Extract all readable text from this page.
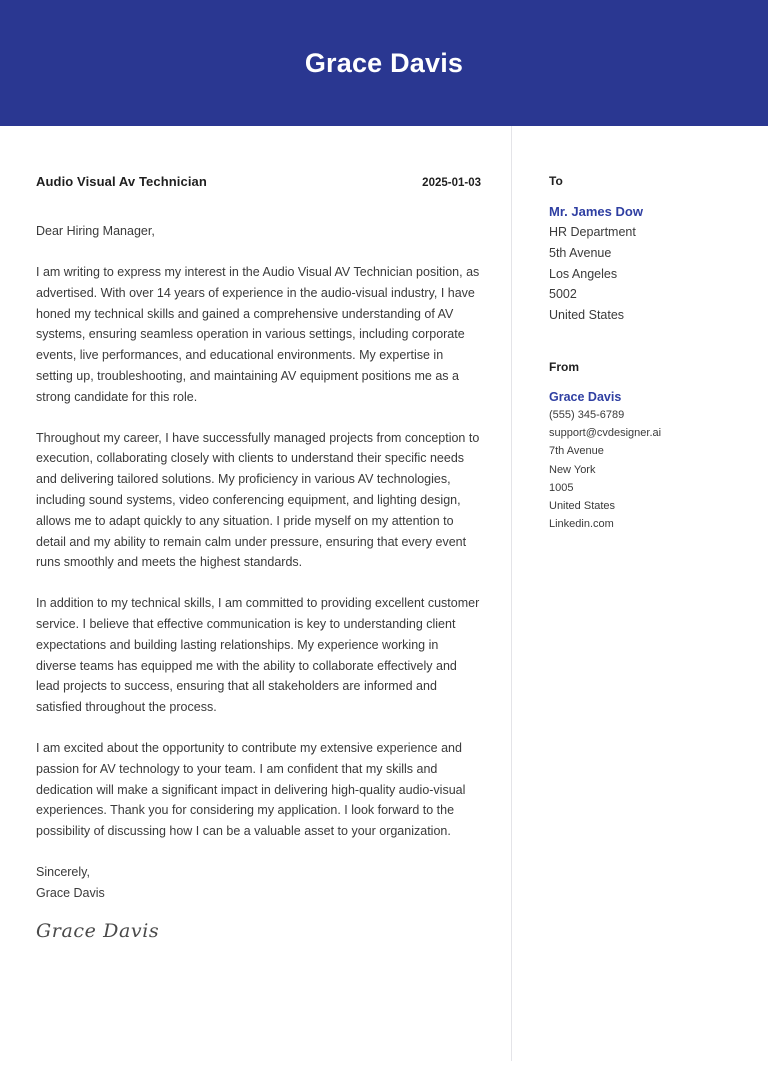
Grace Davis
Audio Visual Av Technician	2025-01-03
Dear Hiring Manager,

I am writing to express my interest in the Audio Visual AV Technician position, as advertised. With over 14 years of experience in the audio-visual industry, I have honed my technical skills and gained a comprehensive understanding of AV systems, ensuring seamless operation in various settings, including corporate events, live performances, and educational environments. My expertise in setting up, troubleshooting, and maintaining AV equipment positions me as a strong candidate for this role.

Throughout my career, I have successfully managed projects from conception to execution, collaborating closely with clients to understand their specific needs and delivering tailored solutions. My proficiency in various AV technologies, including sound systems, video conferencing equipment, and lighting design, allows me to adapt quickly to any situation. I pride myself on my attention to detail and my ability to remain calm under pressure, ensuring that every event runs smoothly and meets the highest standards.

In addition to my technical skills, I am committed to providing excellent customer service. I believe that effective communication is key to understanding client expectations and building lasting relationships. My experience working in diverse teams has equipped me with the ability to collaborate effectively and lead projects to success, ensuring that all stakeholders are informed and satisfied throughout the process.

I am excited about the opportunity to contribute my extensive experience and passion for AV technology to your team. I am confident that my skills and dedication will make a significant impact in delivering high-quality audio-visual experiences. Thank you for considering my application. I look forward to the possibility of discussing how I can be a valuable asset to your organization.

Sincerely,
Grace Davis
Grace Davis
To
Mr. James Dow
HR Department
5th Avenue
Los Angeles
5002
United States
From
Grace Davis
(555) 345-6789
support@cvdesigner.ai
7th Avenue
New York
1005
United States
Linkedin.com
